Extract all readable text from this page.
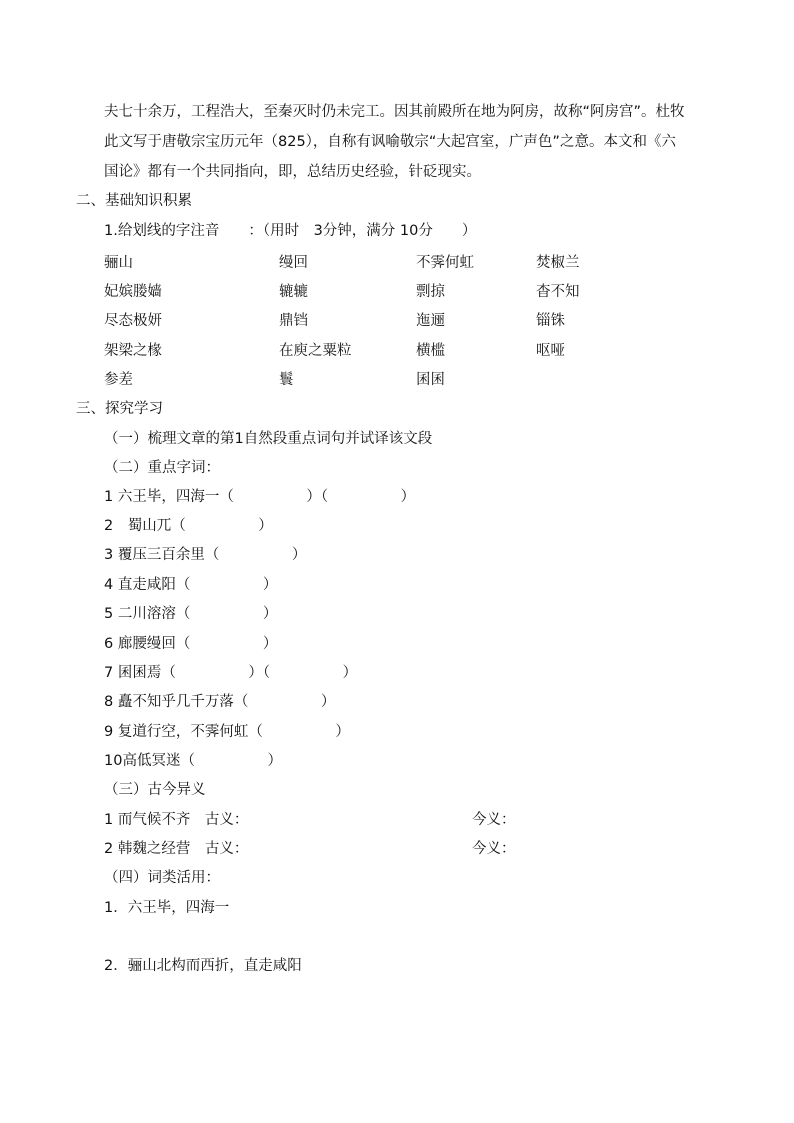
夫七十余万，工程浩大，至秦灭时仍未完工。因其前殿所在地为阿房，故称“阿房宫”。杜牧
此文写于唐敬宗宝历元年（825），自称有讽喻敬宗“大起宫室，广声色”之意。本文和《六
国论》都有一个共同指向，即，总结历史经验，针砭现实。
二、基础知识积累
1.给划线的字注音　　：（用时　3分钟，满分 10分　　）
骊山	缦回	不霁何虹	焚椒兰
妃嫔媵嫱	辘辘	剽掠	杳不知
尽态极妍	鼎铛	迤逦	锱铢
架梁之椽	在庾之粟粒	横槛	呕哑
参差	鬟	囷囷
三、探究学习
（一）梳理文章的第1自然段重点词句并试译该文段
（二）重点字词：
1 六王毕，四海一（　　　　　）（　　　　　）
2　蜀山兀（　　　　　）
3 覆压三百余里（　　　　　）
4 直走咸阳（　　　　　）
5 二川溶溶（　　　　　）
6 廊腰缦回（　　　　　）
7 囷囷焉（　　　　　）（　　　　　）
8 矗不知乎几千万落（　　　　　）
9 复道行空，不霁何虹（　　　　　）
10高低冥迷（　　　　　）
（三）古今异义
1 而气候不齐　古义：	今义：
2 韩魏之经营　古义：	今义：
（四）词类活用：
1．六王毕，四海一
2．骊山北构而西折，直走咸阳
